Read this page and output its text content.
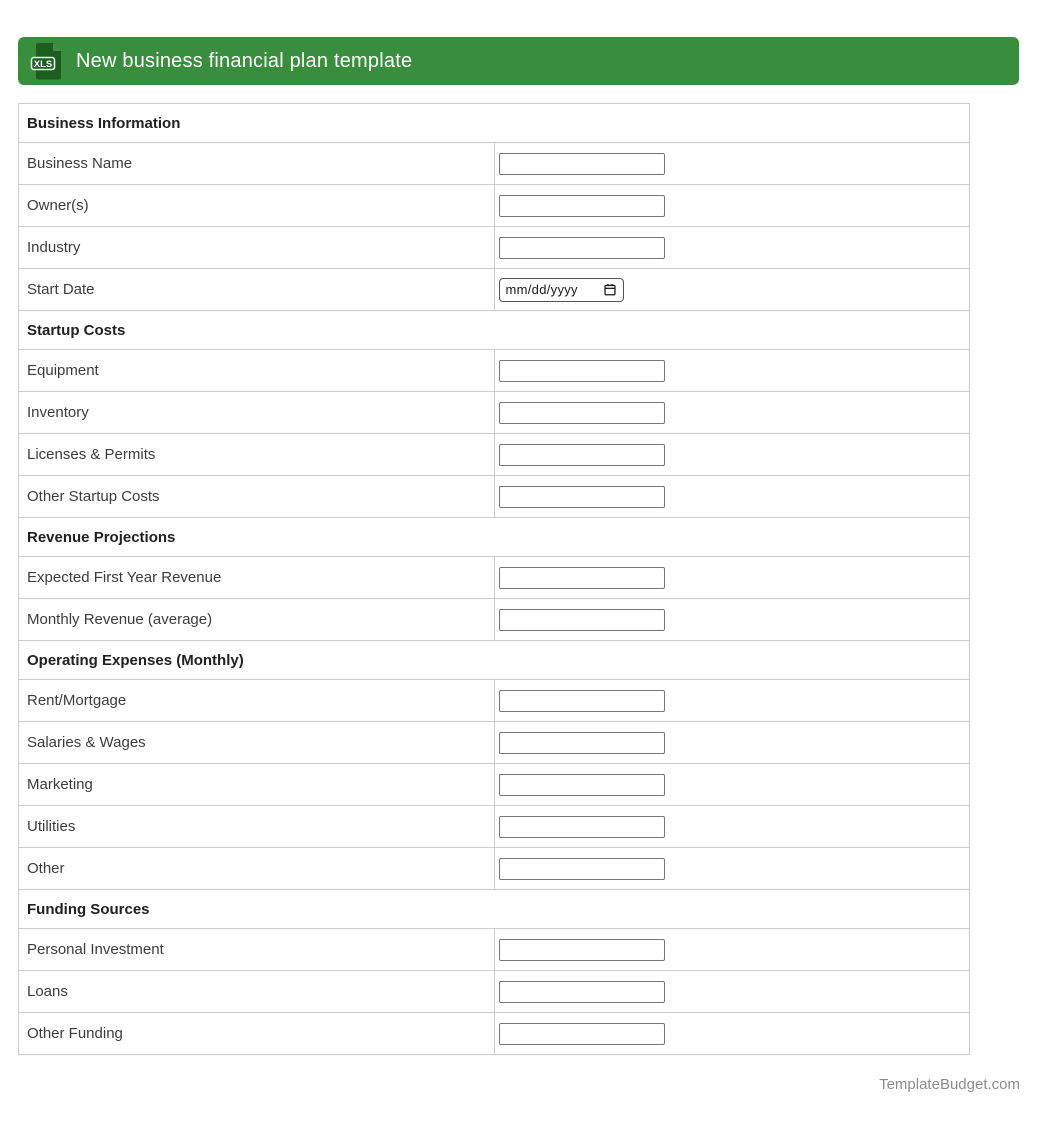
XLS New business financial plan template
Business Information	
Business Name	

Owner(s)	

Industry	

Start Date	mm/dd/yyyy

Startup Costs	
Equipment	

Inventory	

Licenses & Permits	

Other Startup Costs	

Revenue Projections	
Expected First Year Revenue	

Monthly Revenue (average)	

Operating Expenses (Monthly)	
Rent/Mortgage	

Salaries & Wages	

Marketing	

Utilities	

Other	

Funding Sources	
Personal Investment	

Loans	

Other Funding	
TemplateBudget.com
